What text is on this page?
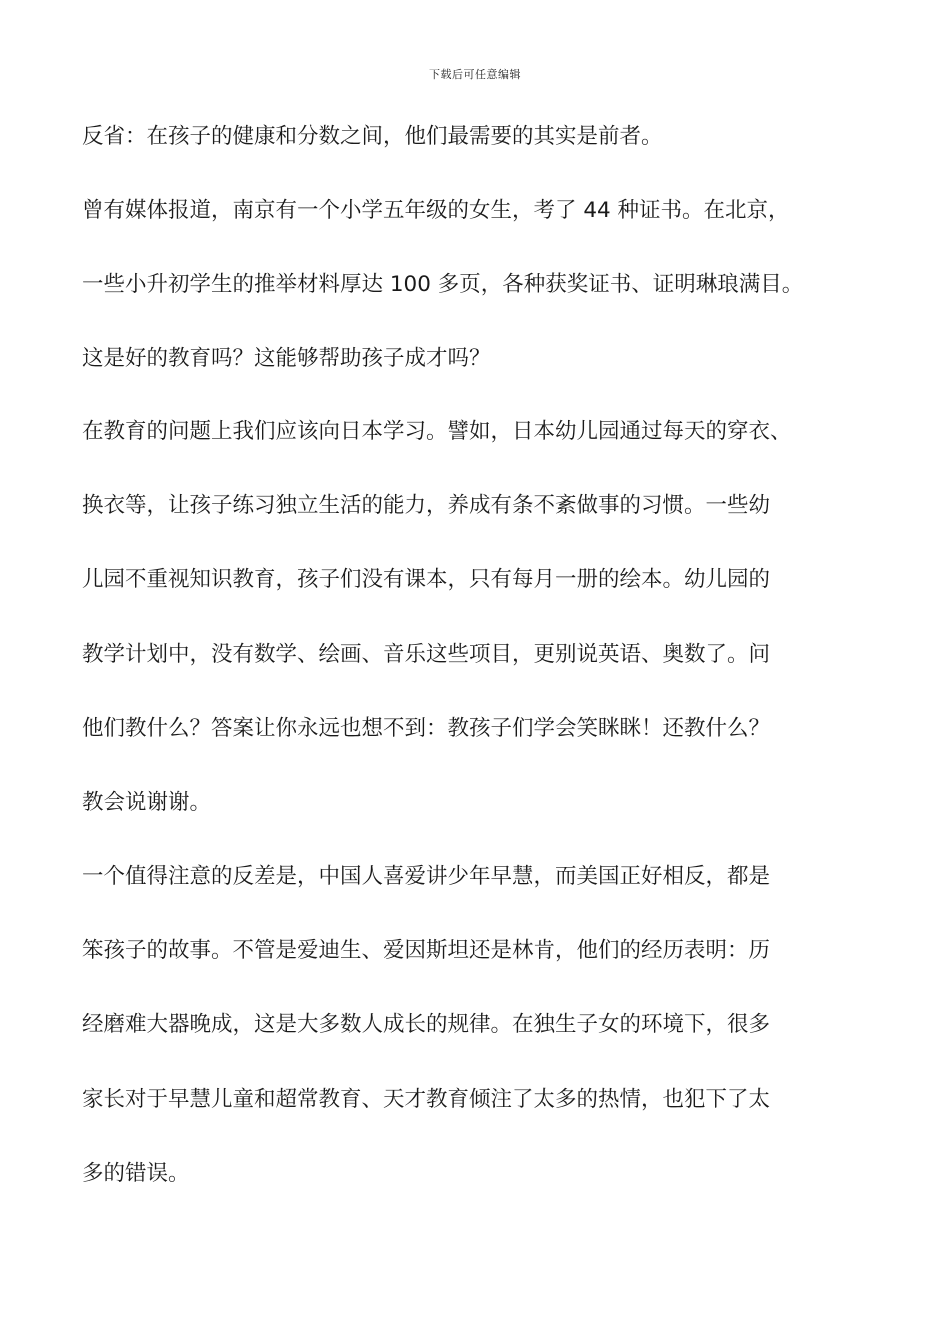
下载后可任意编辑
反省：在孩子的健康和分数之间，他们最需要的其实是前者。
曾有媒体报道，南京有一个小学五年级的女生，考了 44 种证书。在北京，
一些小升初学生的推举材料厚达 100 多页，各种获奖证书、证明琳琅满目。
这是好的教育吗？这能够帮助孩子成才吗？
在教育的问题上我们应该向日本学习。譬如，日本幼儿园通过每天的穿衣、
换衣等，让孩子练习独立生活的能力，养成有条不紊做事的习惯。一些幼
儿园不重视知识教育，孩子们没有课本，只有每月一册的绘本。幼儿园的
教学计划中，没有数学、绘画、音乐这些项目，更别说英语、奥数了。问
他们教什么？答案让你永远也想不到：教孩子们学会笑眯眯！还教什么？
教会说谢谢。
一个值得注意的反差是，中国人喜爱讲少年早慧，而美国正好相反，都是
笨孩子的故事。不管是爱迪生、爱因斯坦还是林肯，他们的经历表明：历
经磨难大器晚成，这是大多数人成长的规律。在独生子女的环境下，很多
家长对于早慧儿童和超常教育、天才教育倾注了太多的热情，也犯下了太
多的错误。
